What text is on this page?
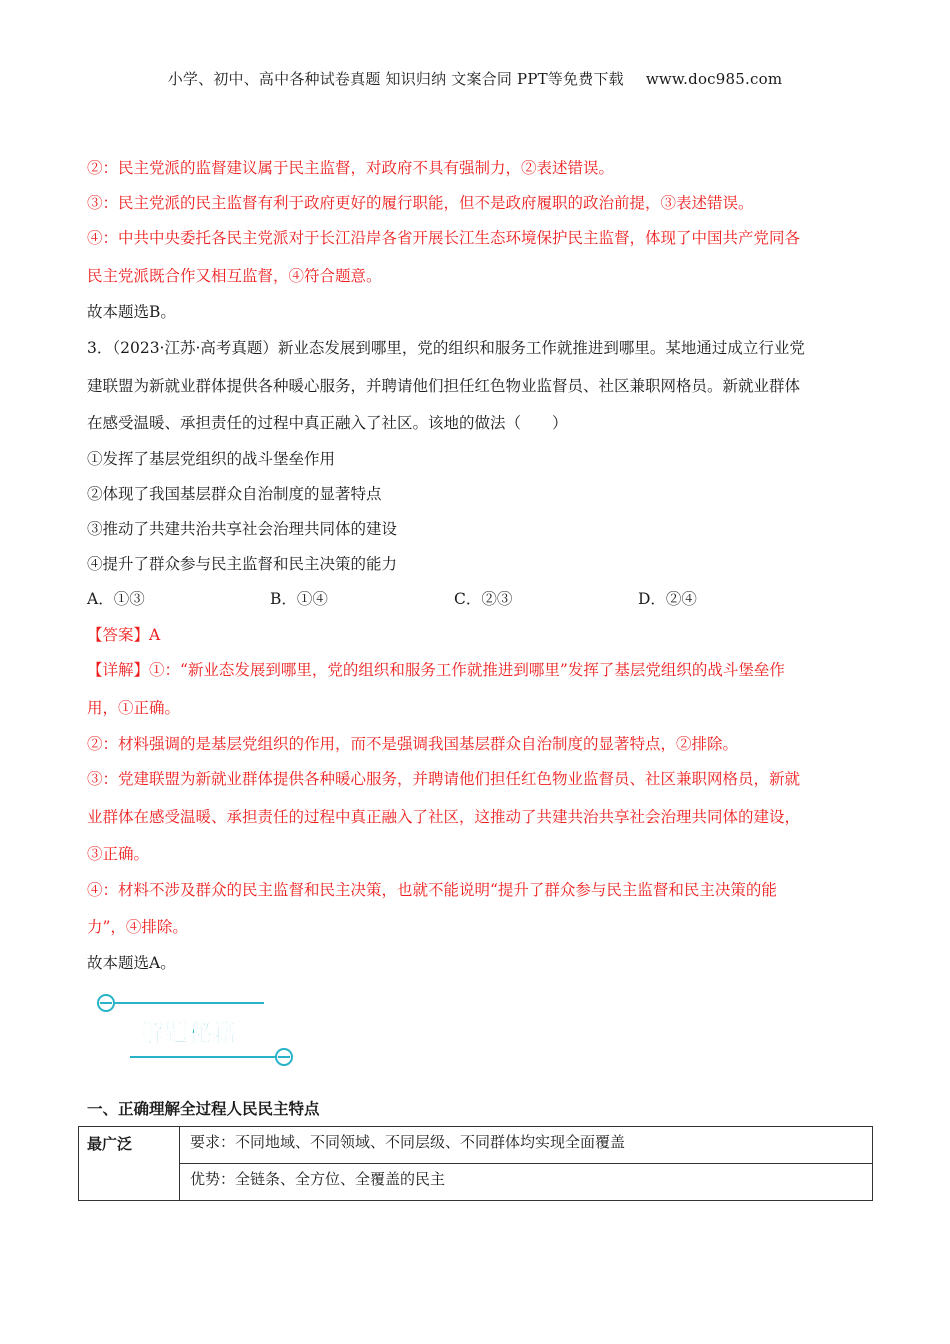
小学、初中、高中各种试卷真题 知识归纳 文案合同 PPT等免费下载 www.doc985.com
②：民主党派的监督建议属于民主监督，对政府不具有强制力，②表述错误。
③：民主党派的民主监督有利于政府更好的履行职能，但不是政府履职的政治前提，③表述错误。
④：中共中央委托各民主党派对于长江沿岸各省开展长江生态环境保护民主监督，体现了中国共产党同各
民主党派既合作又相互监督，④符合题意。
故本题选B。
3．（2023·江苏·高考真题）新业态发展到哪里，党的组织和服务工作就推进到哪里。某地通过成立行业党
建联盟为新就业群体提供各种暖心服务，并聘请他们担任红色物业监督员、社区兼职网格员。新就业群体
在感受温暖、承担责任的过程中真正融入了社区。该地的做法（　　）
①发挥了基层党组织的战斗堡垒作用
②体现了我国基层群众自治制度的显著特点
③推动了共建共治共享社会治理共同体的建设
④提升了群众参与民主监督和民主决策的能力
A．①③	B．①④	C．②③	D．②④
【答案】A
【详解】①：“新业态发展到哪里，党的组织和服务工作就推进到哪里”发挥了基层党组织的战斗堡垒作
用，①正确。
②：材料强调的是基层党组织的作用，而不是强调我国基层群众自治制度的显著特点，②排除。
③：党建联盟为新就业群体提供各种暖心服务，并聘请他们担任红色物业监督员、社区兼职网格员，新就
业群体在感受温暖、承担责任的过程中真正融入了社区，这推动了共建共治共享社会治理共同体的建设，
③正确。
④：材料不涉及群众的民主监督和民主决策，也就不能说明“提升了群众参与民主监督和民主决策的能
力”，④排除。
故本题选A。
解题秘籍
一、正确理解全过程人民民主特点
最广泛	要求：不同地域、不同领域、不同层级、不同群体均实现全面覆盖
优势：全链条、全方位、全覆盖的民主
